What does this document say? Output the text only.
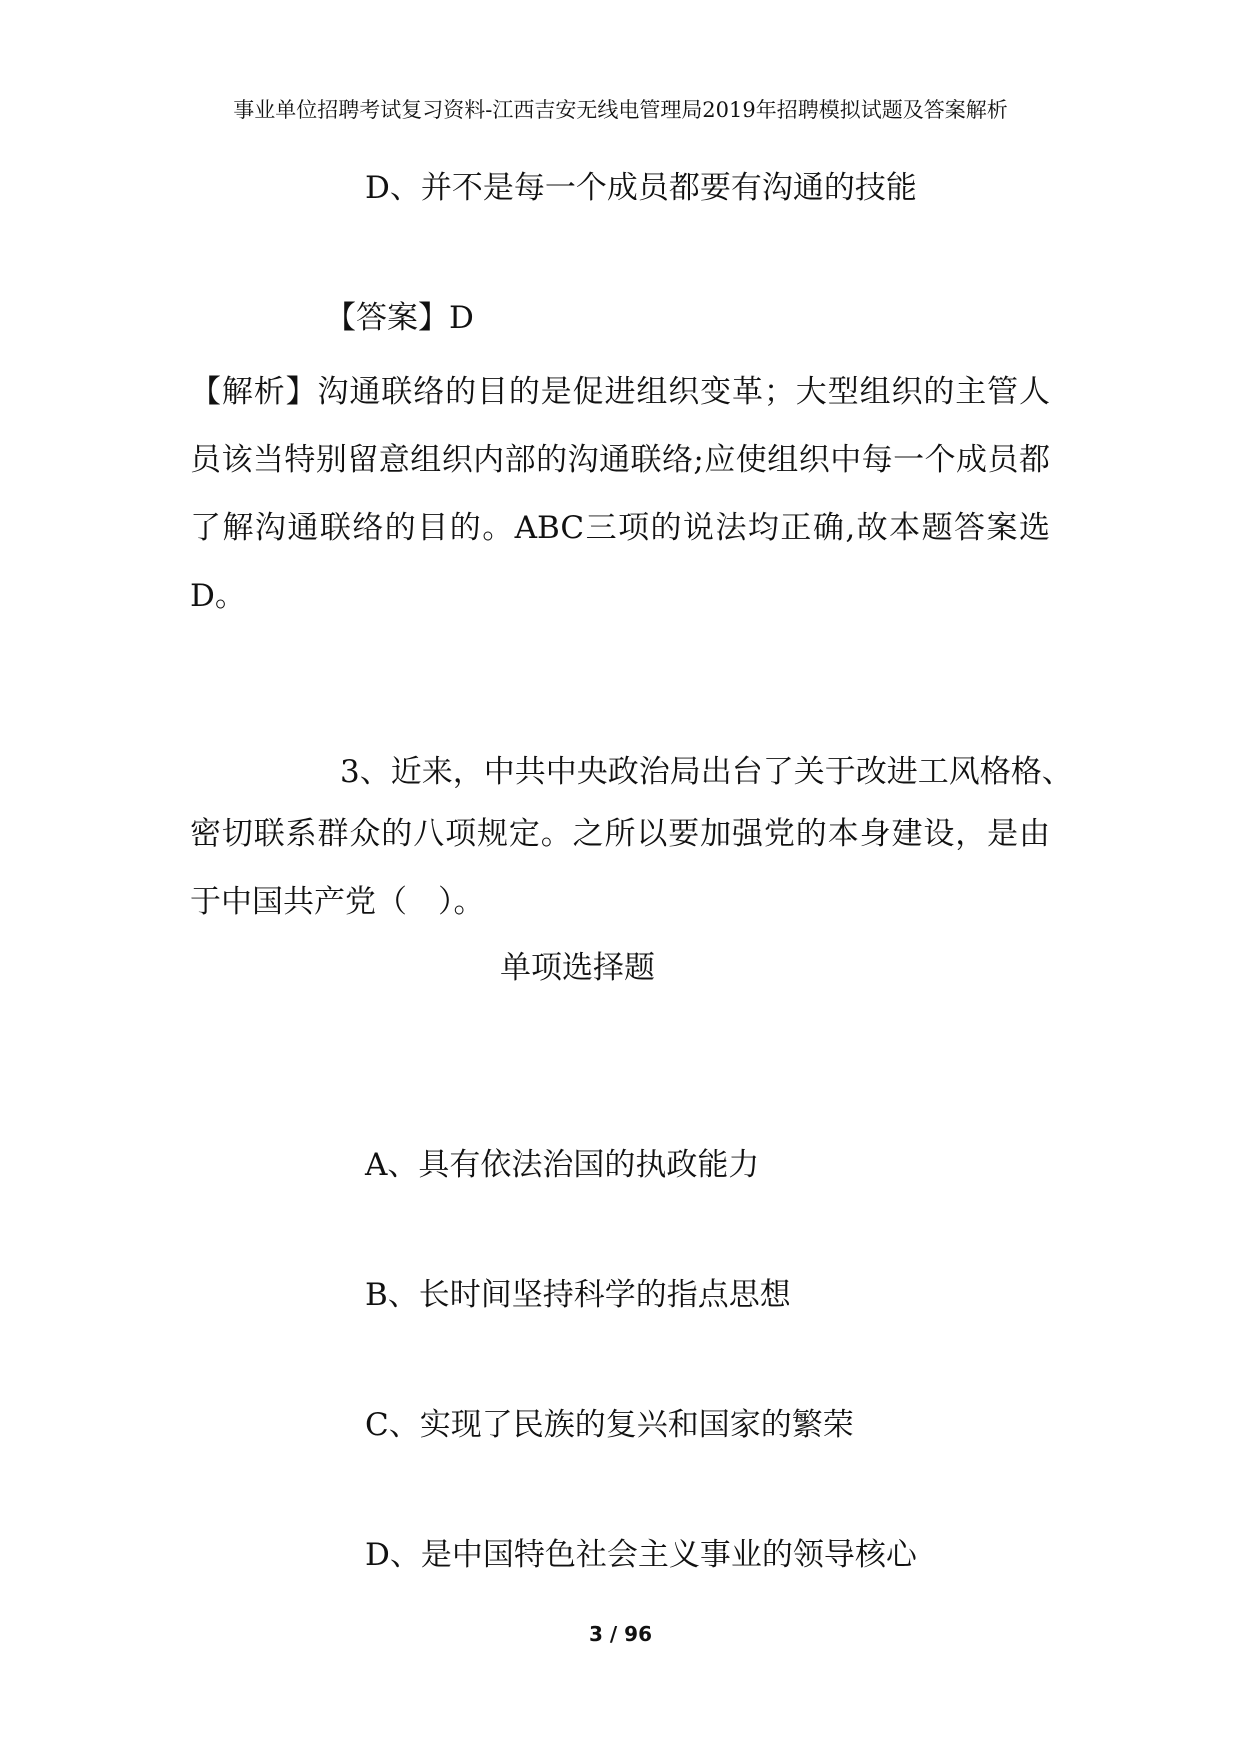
事业单位招聘考试复习资料-江西吉安无线电管理局2019年招聘模拟试题及答案解析
D、并不是每一个成员都要有沟通的技能
【答案】D
【解析】沟通联络的目的是促进组织变革；大型组织的主管人员该当特别留意组织内部的沟通联络;应使组织中每一个成员都了解沟通联络的目的。ABC三项的说法均正确,故本题答案选D。
3、近来，中共中央政治局出台了关于改进工风格格、
密切联系群众的八项规定。之所以要加强党的本身建设，是由于中国共产党（　）。
单项选择题
A、具有依法治国的执政能力
B、长时间坚持科学的指点思想
C、实现了民族的复兴和国家的繁荣
D、是中国特色社会主义事业的领导核心
3 / 96
